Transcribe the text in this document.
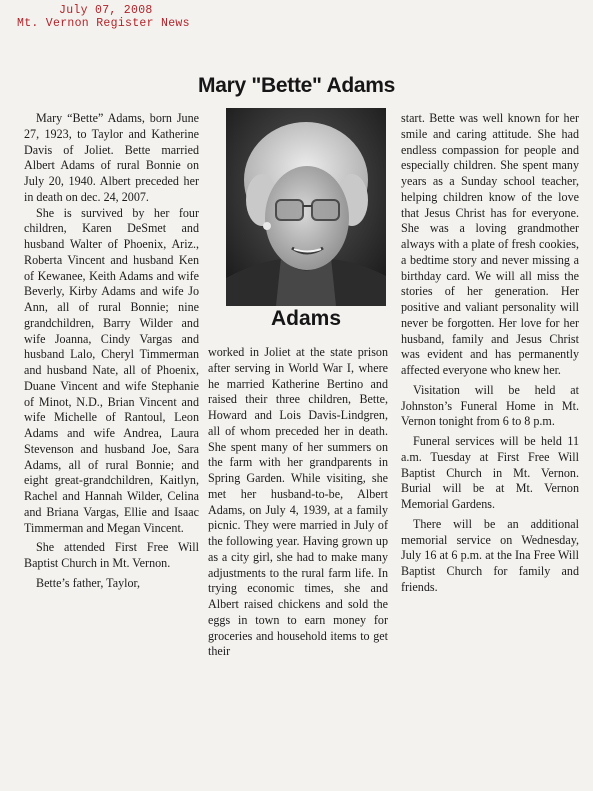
July 07, 2008
Mt. Vernon Register News
Mary "Bette" Adams
Adams

Mary “Bette” Adams, born June 27, 1923, to Taylor and Katherine Davis of Joliet. Bette married Albert Adams of rural Bonnie on July 20, 1940. Albert preceded her in death on dec. 24, 2007.

She is survived by her four children, Karen DeSmet and husband Walter of Phoenix, Ariz., Roberta Vincent and husband Ken of Kewanee, Keith Adams and wife Beverly, Kirby Adams and wife Jo Ann, all of rural Bonnie; nine grandchildren, Barry Wilder and wife Joanna, Cindy Vargas and husband Lalo, Cheryl Timmerman and husband Nate, all of Phoenix, Duane Vincent and wife Stephanie of Minot, N.D., Brian Vincent and wife Michelle of Rantoul, Leon Adams and wife Andrea, Laura Stevenson and husband Joe, Sara Adams, all of rural Bonnie; and eight great-grandchildren, Kaitlyn, Rachel and Hannah Wilder, Celina and Briana Vargas, Ellie and Isaac Timmerman and Megan Vincent.

She attended First Free Will Baptist Church in Mt. Vernon.

Bette’s father, Taylor,

worked in Joliet at the state prison after serving in World War I, where he married Katherine Bertino and raised their three children, Bette, Howard and Lois Davis-Lindgren, all of whom preceded her in death. She spent many of her summers on the farm with her grandparents in Spring Garden. While visiting, she met her husband-to-be, Albert Adams, on July 4, 1939, at a family picnic. They were married in July of the following year. Having grown up as a city girl, she had to make many adjustments to the rural farm life. In trying economic times, she and Albert raised chickens and sold the eggs in town to earn money for groceries and household items to get their

start. Bette was well known for her smile and caring attitude. She had endless compassion for people and especially children. She spent many years as a Sunday school teacher, helping children know of the love that Jesus Christ has for everyone. She was a loving grandmother always with a plate of fresh cookies, a bedtime story and never missing a birthday card. We will all miss the stories of her generation. Her positive and valiant personality will never be forgotten. Her love for her husband, family and Jesus Christ was evident and has permanently affected everyone who knew her.

Visitation will be held at Johnston’s Funeral Home in Mt. Vernon tonight from 6 to 8 p.m.

Funeral services will be held 11 a.m. Tuesday at First Free Will Baptist Church in Mt. Vernon. Burial will be at Mt. Vernon Memorial Gardens.

There will be an additional memorial service on Wednesday, July 16 at 6 p.m. at the Ina Free Will Baptist Church for family and friends.
